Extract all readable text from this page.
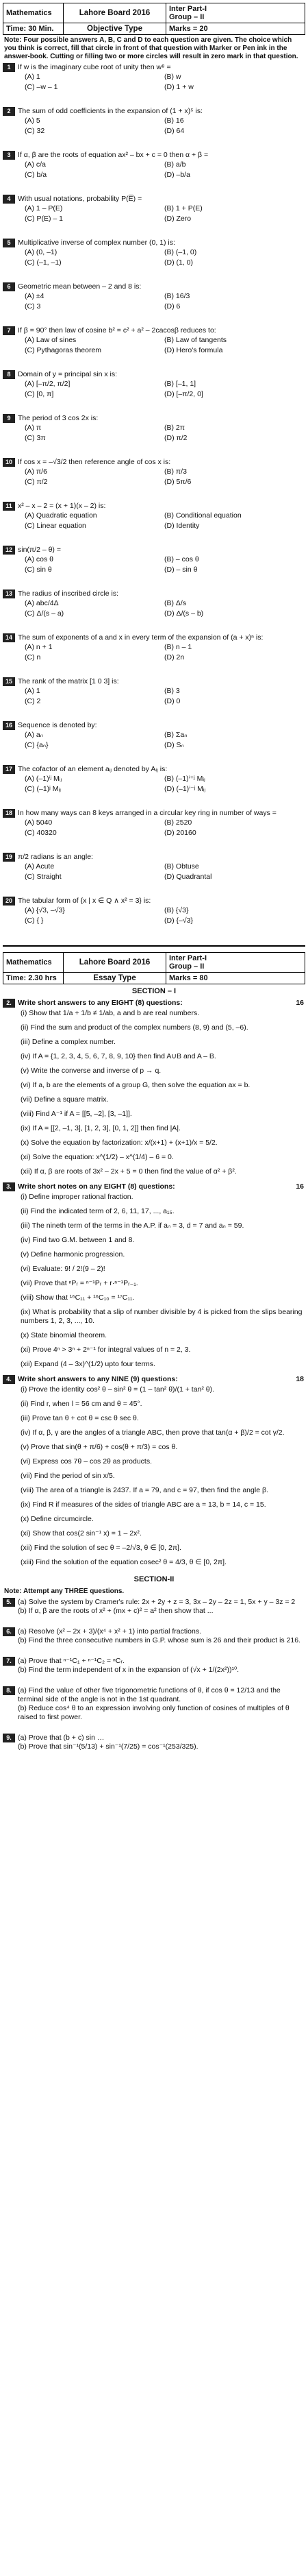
Mathematics	Lahore Board 2016	Inter Part-I
Group – II
Time: 30 Min.	Objective Type	Marks = 20
Note: Four possible answers A, B, C and D to each question are given. The choice which you think is correct, fill that circle in front of that question with Marker or Pen ink in the answer-book. Cutting or filling two or more circles will result in zero mark in that question.
1	If w is the imaginary cube root of unity then w⁸ =
(A) 1	(B) w
(C) –w – 1	(D) 1 + w
2	The sum of odd coefficients in the expansion of (1 + x)⁵ is:
(A) 5	(B) 16
(C) 32	(D) 64
3	If α, β are the roots of equation ax² – bx + c = 0 then α + β =
(A) c/a	(B) a/b
(C) b/a	(D) –b/a
4	With usual notations, probability P(E̅) =
(A) 1 – P(E)	(B) 1 + P(E)
(C) P(E) – 1	(D) Zero
5	Multiplicative inverse of complex number (0, 1) is:
(A) (0, –1)	(B) (–1, 0)
(C) (–1, –1)	(D) (1, 0)
6	Geometric mean between – 2 and 8 is:
(A) ±4	(B) 16/3
(C) 3	(D) 6
7	If β = 90° then law of cosine b² = c² + a² – 2cacosβ reduces to:
(A) Law of sines	(B) Law of tangents
(C) Pythagoras theorem	(D) Hero's formula
8	Domain of y = principal sin x is:
(A) [–π/2, π/2]	(B) [–1, 1]
(C) [0, π]	(D) [–π/2, 0]
9	The period of 3 cos 2x is:
(A) π	(B) 2π
(C) 3π	(D) π/2
10 If cos x = –√3/2 then reference angle of cos x is:
(A) π/6	(B) π/3
(C) π/2	(D) 5π/6
11 x² – x – 2 = (x + 1)(x – 2) is:
(A) Quadratic equation	(B) Conditional equation
(C) Linear equation	(D) Identity
12 sin(π/2 – θ) =
(A) cos θ	(B) – cos θ
(C) sin θ	(D) – sin θ
13 The radius of inscribed circle is:
(A) abc/4Δ	(B) Δ/s
(C) Δ/(s – a)	(D) Δ/(s – b)
14 The sum of exponents of a and x in every term of the expansion of (a + x)ⁿ is:
(A) n + 1	(B) n – 1
(C) n	(D) 2n
15 The rank of the matrix [1 0 3] is:
(A) 1	(B) 3
(C) 2	(D) 0
16 Sequence is denoted by:
(A) aₙ	(B) Σaₙ
(C) {aₙ}	(D) Sₙ
17 The cofactor of an element aᵢⱼ denoted by Aᵢⱼ is:
(A) (–1)ⁱʲ Mᵢⱼ	(B) (–1)ⁱ⁺ʲ Mᵢⱼ
(C) (–1)ʲ Mᵢⱼ	(D) (–1)ⁱ⁻ʲ Mᵢⱼ
18 In how many ways can 8 keys arranged in a circular key ring in number of ways =
(A) 5040	(B) 2520
(C) 40320	(D) 20160
19 π/2 radians is an angle:
(A) Acute	(B) Obtuse
(C) Straight	(D) Quadrantal
20 The tabular form of {x | x ∈ Q ∧ x² = 3} is:
(A) {√3, –√3}	(B) {√3}
(C) { }	(D) {–√3}
Mathematics	Lahore Board 2016	Inter Part-I
Group – II
Time: 2.30 hrs	Essay Type	Marks = 80
SECTION – I
2.	16
Write short answers to any EIGHT (8) questions:
(i) Show that 1/a + 1/b ≠ 1/ab, a and b are real numbers.
(ii) Find the sum and product of the complex numbers (8, 9) and (5, –6).
(iii) Define a complex number.
(iv) If A = {1, 2, 3, 4, 5, 6, 7, 8, 9, 10} then find A∪B and A – B.
(v) Write the converse and inverse of p → q.
(vi) If a, b are the elements of a group G, then solve the equation ax = b.
(vii) Define a square matrix.
(viii) Find A⁻¹ if A = [[5, –2], [3, –1]].
(ix) If A = [[2, –1, 3], [1, 2, 3], [0, 1, 2]] then find |A|.
(x) Solve the equation by factorization: x/(x+1) + (x+1)/x = 5/2.
(xi) Solve the equation: x^(1/2) – x^(1/4) – 6 = 0.
(xii) If α, β are roots of 3x² – 2x + 5 = 0 then find the value of α² + β².
3.	16
Write short notes on any EIGHT (8) questions:
(i) Define improper rational fraction.
(ii) Find the indicated term of 2, 6, 11, 17, ..., a₁₅.
(iii) The nineth term of the terms in the A.P. if aₙ = 3, d = 7 and aₙ = 59.
(iv) Find two G.M. between 1 and 8.
(v) Define harmonic progression.
(vi) Evaluate: 9! / 2!(9 – 2)!
(vii) Prove that ⁿPᵣ = ⁿ⁻¹Pᵣ + r·ⁿ⁻¹Pᵣ₋₁.
(viii) Show that ¹⁶C₁₁ + ¹⁶C₁₀ = ¹⁷C₁₁.
(ix) What is probability that a slip of number divisible by 4 is picked from the slips bearing numbers 1, 2, 3, ..., 10.
(x) State binomial theorem.
(xi) Prove 4ⁿ > 3ⁿ + 2ⁿ⁻¹ for integral values of n = 2, 3.
(xii) Expand (4 – 3x)^(1/2) upto four terms.
4.	18
Write short answers to any NINE (9) questions:
(i) Prove the identity cos² θ – sin² θ = (1 – tan² θ)/(1 + tan² θ).
(ii) Find r, when l = 56 cm and θ = 45°.
(iii) Prove tan θ + cot θ = csc θ sec θ.
(iv) If α, β, γ are the angles of a triangle ABC, then prove that tan(α + β)/2 = cot γ/2.
(v) Prove that sin(θ + π/6) + cos(θ + π/3) = cos θ.
(vi) Express cos 7θ – cos 2θ as products.
(vii) Find the period of sin x/5.
(viii) The area of a triangle is 2437. If a = 79, and c = 97, then find the angle β.
(ix) Find R if measures of the sides of triangle ABC are a = 13, b = 14, c = 15.
(x) Define circumcircle.
(xi) Show that cos(2 sin⁻¹ x) = 1 – 2x².
(xii) Find the solution of sec θ = –2/√3, θ ∈ [0, 2π].
(xiii) Find the solution of the equation cosec² θ = 4/3, θ ∈ [0, 2π].
SECTION-II
Note: Attempt any THREE questions.
5. (a) Solve the system by Cramer's rule: 2x + 2y + z = 3, 3x – 2y – 2z = 1, 5x + y – 3z = 2
(b) If α, β are the roots of x² + (mx + c)² = a² then show that ...
6. (a) Resolve (x² – 2x + 3)/(x⁴ + x² + 1) into partial fractions.
(b) Find the three consecutive numbers in G.P. whose sum is 26 and their product is 216.
7. (a) Prove that ⁿ⁻¹C₁ + ⁿ⁻¹C₂ = ⁿCᵣ.
(b) Find the term independent of x in the expansion of (√x + 1/(2x²))¹⁰.
8. (a) Find the value of other five trigonometric functions of θ, if cos θ = 12/13 and the terminal side of the angle is not in the 1st quadrant.
(b) Reduce cos⁴ θ to an expression involving only function of cosines of multiples of θ raised to first power.
9. (a) Prove that (b + c) sin …
(b) Prove that sin⁻¹(5/13) + sin⁻¹(7/25) = cos⁻¹(253/325).
